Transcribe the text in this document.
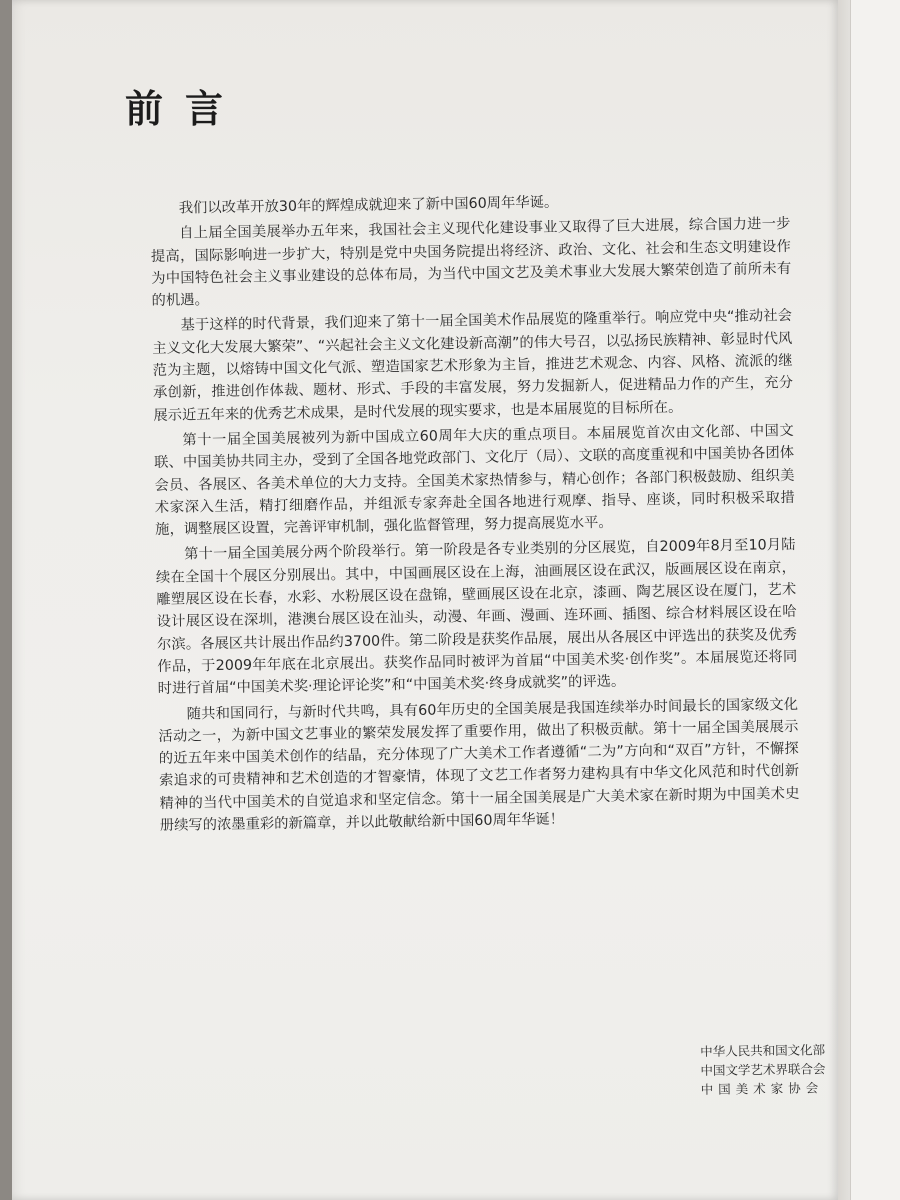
前言

我们以改革开放30年的辉煌成就迎来了新中国60周年华诞。

自上届全国美展举办五年来，我国社会主义现代化建设事业又取得了巨大进展，综合国力进一步提高，国际影响进一步扩大，特别是党中央国务院提出将经济、政治、文化、社会和生态文明建设作为中国特色社会主义事业建设的总体布局，为当代中国文艺及美术事业大发展大繁荣创造了前所未有的机遇。

基于这样的时代背景，我们迎来了第十一届全国美术作品展览的隆重举行。响应党中央“推动社会主义文化大发展大繁荣”、“兴起社会主义文化建设新高潮”的伟大号召，以弘扬民族精神、彰显时代风范为主题，以熔铸中国文化气派、塑造国家艺术形象为主旨，推进艺术观念、内容、风格、流派的继承创新，推进创作体裁、题材、形式、手段的丰富发展，努力发掘新人，促进精品力作的产生，充分展示近五年来的优秀艺术成果，是时代发展的现实要求，也是本届展览的目标所在。

第十一届全国美展被列为新中国成立60周年大庆的重点项目。本届展览首次由文化部、中国文联、中国美协共同主办，受到了全国各地党政部门、文化厅（局）、文联的高度重视和中国美协各团体会员、各展区、各美术单位的大力支持。全国美术家热情参与，精心创作；各部门积极鼓励、组织美术家深入生活，精打细磨作品，并组派专家奔赴全国各地进行观摩、指导、座谈，同时积极采取措施，调整展区设置，完善评审机制，强化监督管理，努力提高展览水平。

第十一届全国美展分两个阶段举行。第一阶段是各专业类别的分区展览，自2009年8月至10月陆续在全国十个展区分别展出。其中，中国画展区设在上海，油画展区设在武汉，版画展区设在南京，雕塑展区设在长春，水彩、水粉展区设在盘锦，壁画展区设在北京，漆画、陶艺展区设在厦门，艺术设计展区设在深圳，港澳台展区设在汕头，动漫、年画、漫画、连环画、插图、综合材料展区设在哈尔滨。各展区共计展出作品约3700件。第二阶段是获奖作品展，展出从各展区中评选出的获奖及优秀作品，于2009年年底在北京展出。获奖作品同时被评为首届“中国美术奖·创作奖”。本届展览还将同时进行首届“中国美术奖·理论评论奖”和“中国美术奖·终身成就奖”的评选。

随共和国同行，与新时代共鸣，具有60年历史的全国美展是我国连续举办时间最长的国家级文化活动之一，为新中国文艺事业的繁荣发展发挥了重要作用，做出了积极贡献。第十一届全国美展展示的近五年来中国美术创作的结晶，充分体现了广大美术工作者遵循“二为”方向和“双百”方针，不懈探索追求的可贵精神和艺术创造的才智豪情，体现了文艺工作者努力建构具有中华文化风范和时代创新精神的当代中国美术的自觉追求和坚定信念。第十一届全国美展是广大美术家在新时期为中国美术史册续写的浓墨重彩的新篇章，并以此敬献给新中国60周年华诞！

中华人民共和国文化部
中国文学艺术界联合会
中国美术家协会
